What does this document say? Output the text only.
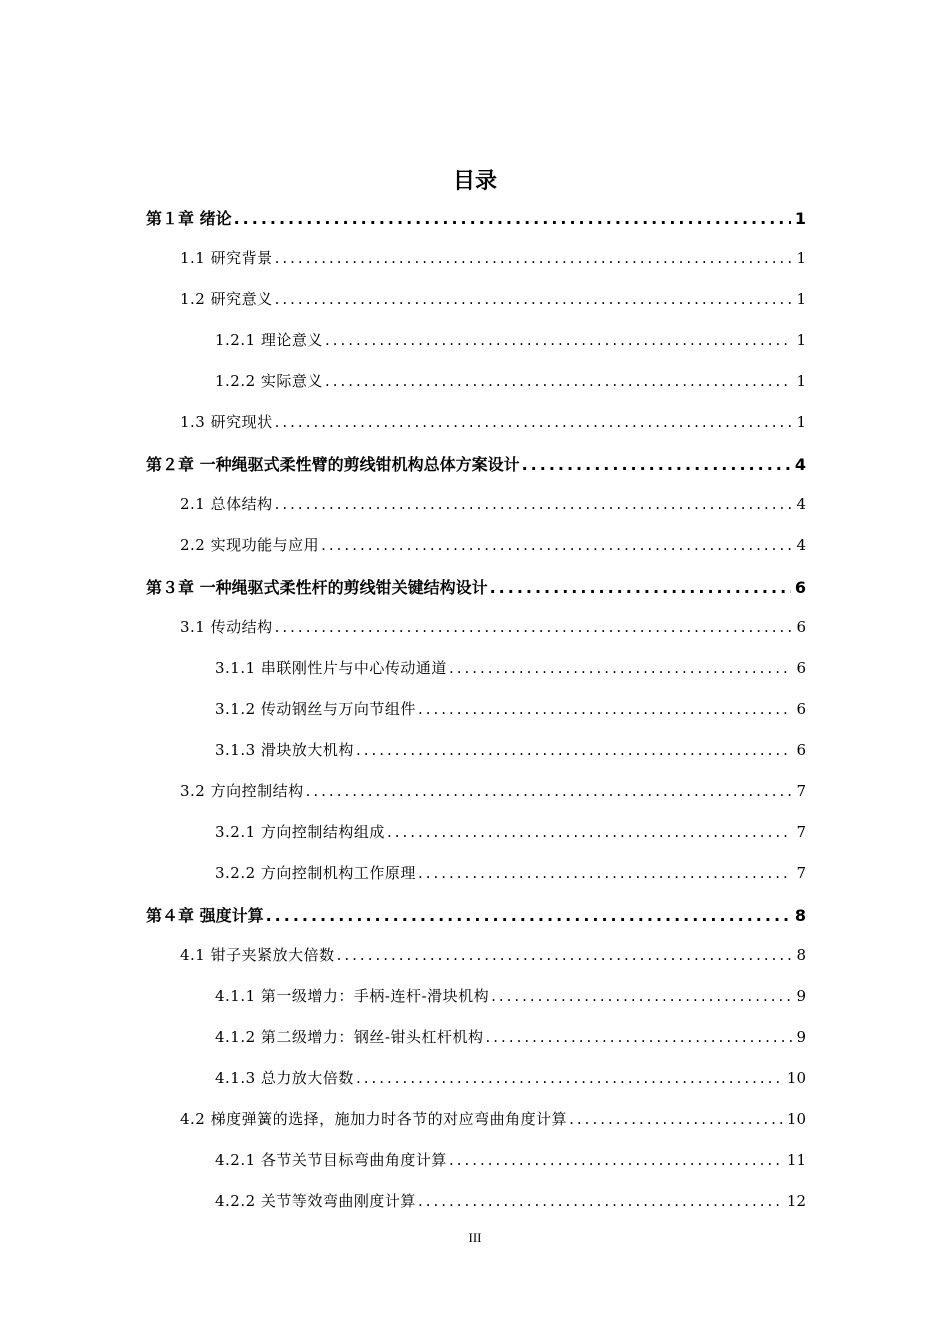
目录
第１章 绪论 .....	1
1.1 研究背景 .....	1
1.2 研究意义 .....	1
1.2.1 理论意义 .....	1
1.2.2 实际意义 .....	1
1.3 研究现状 .....	1
第２章 一种绳驱式柔性臂的剪线钳机构总体方案设计 .....	4
2.1 总体结构 .....	4
2.2 实现功能与应用 .....	4
第３章 一种绳驱式柔性杆的剪线钳关键结构设计 .....	6
3.1 传动结构 .....	6
3.1.1 串联刚性片与中心传动通道 .....	6
3.1.2 传动钢丝与万向节组件 .....	6
3.1.3 滑块放大机构 .....	6
3.2 方向控制结构 .....	7
3.2.1 方向控制结构组成 .....	7
3.2.2 方向控制机构工作原理 .....	7
第４章 强度计算 .....	8
4.1 钳子夹紧放大倍数 .....	8
4.1.1 第一级增力：手柄-连杆-滑块机构 .....	9
4.1.2 第二级增力：钢丝-钳头杠杆机构 .....	9
4.1.3 总力放大倍数 .....	10
4.2 梯度弹簧的选择，施加力时各节的对应弯曲角度计算 .....	10
4.2.1 各节关节目标弯曲角度计算 .....	11
4.2.2 关节等效弯曲刚度计算 .....	12
III
